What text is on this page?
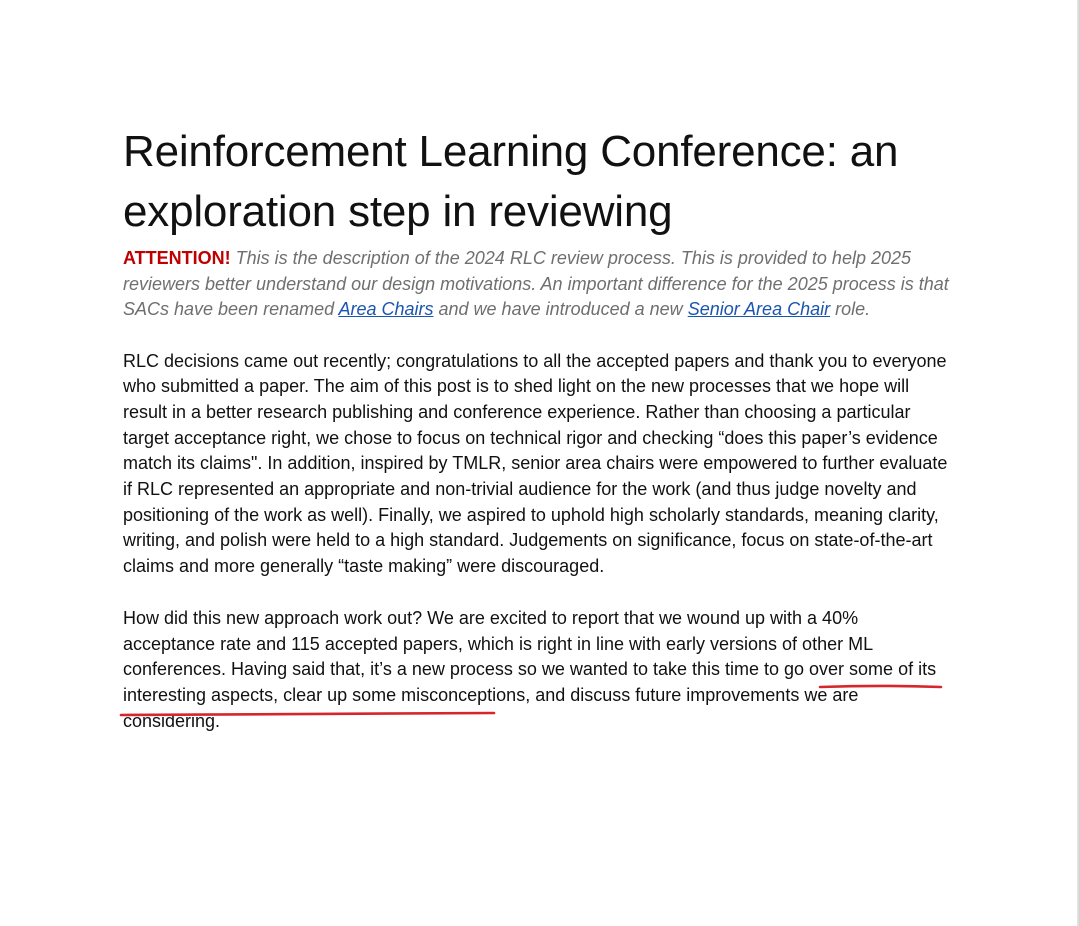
Reinforcement Learning Conference: an exploration step in reviewing

ATTENTION! This is the description of the 2024 RLC review process. This is provided to help 2025 reviewers better understand our design motivations. An important difference for the 2025 process is that SACs have been renamed Area Chairs and we have introduced a new Senior Area Chair role.

RLC decisions came out recently; congratulations to all the accepted papers and thank you to everyone who submitted a paper. The aim of this post is to shed light on the new processes that we hope will result in a better research publishing and conference experience. Rather than choosing a particular target acceptance right, we chose to focus on technical rigor and checking “does this paper’s evidence match its claims". In addition, inspired by TMLR, senior area chairs were empowered to further evaluate if RLC represented an appropriate and non-trivial audience for the work (and thus judge novelty and positioning of the work as well). Finally, we aspired to uphold high scholarly standards, meaning clarity, writing, and polish were held to a high standard. Judgements on significance, focus on state-of-the-art claims and more generally “taste making” were discouraged.

How did this new approach work out? We are excited to report that we wound up with a 40% acceptance rate and 115 accepted papers, which is right in line with early versions of other ML conferences. Having said that, it’s a new process so we wanted to take this time to go over some of its interesting aspects, clear up some misconceptions, and discuss future improvements we are considering.
